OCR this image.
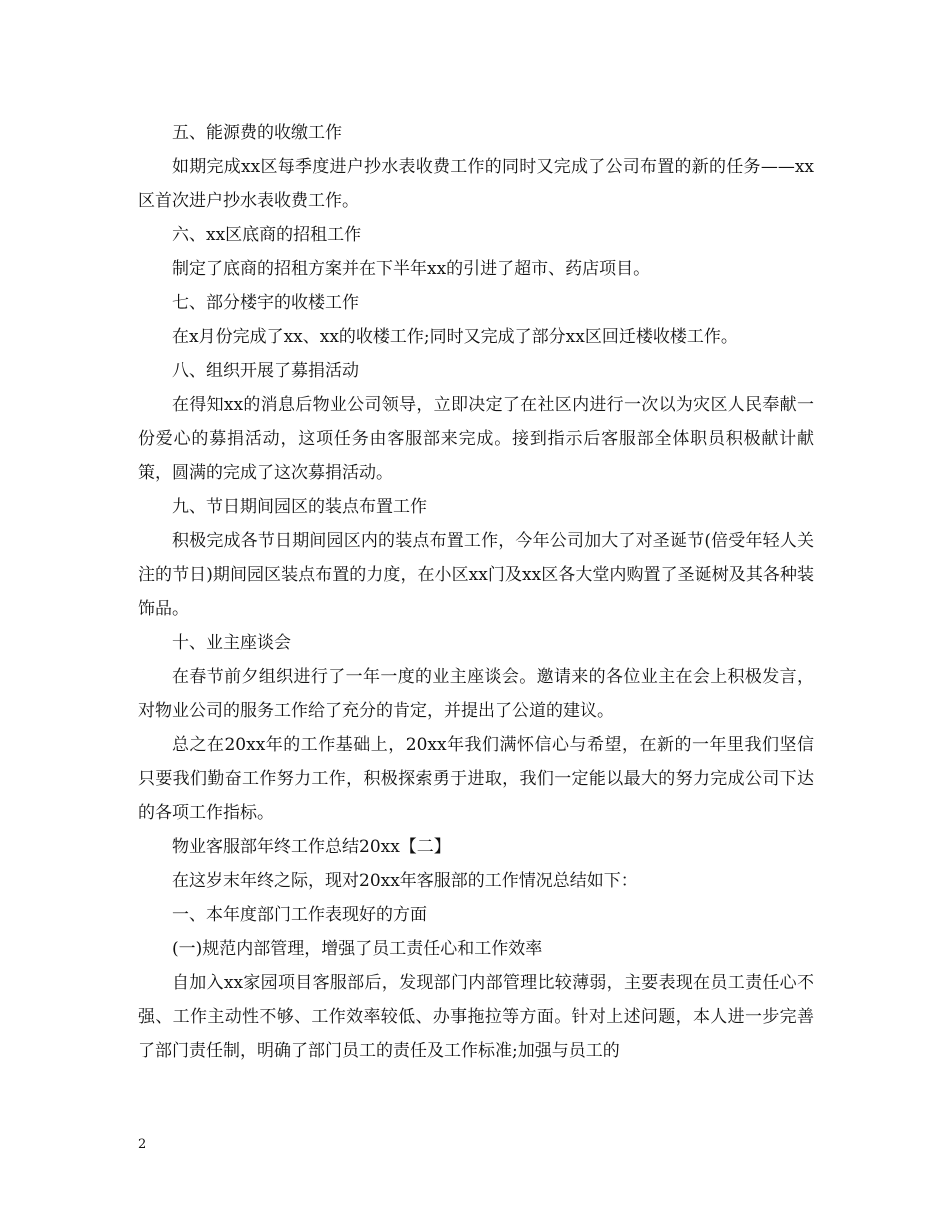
五、能源费的收缴工作

如期完成xx区每季度进户抄水表收费工作的同时又完成了公司布置的新的任务——xx区首次进户抄水表收费工作。

六、xx区底商的招租工作

制定了底商的招租方案并在下半年xx的引进了超市、药店项目。

七、部分楼宇的收楼工作

在x月份完成了xx、xx的收楼工作;同时又完成了部分xx区回迁楼收楼工作。

八、组织开展了募捐活动

在得知xx的消息后物业公司领导，立即决定了在社区内进行一次以为灾区人民奉献一份爱心的募捐活动，这项任务由客服部来完成。接到指示后客服部全体职员积极献计献策，圆满的完成了这次募捐活动。

九、节日期间园区的装点布置工作

积极完成各节日期间园区内的装点布置工作，今年公司加大了对圣诞节(倍受年轻人关注的节日)期间园区装点布置的力度，在小区xx门及xx区各大堂内购置了圣诞树及其各种装饰品。

十、业主座谈会

在春节前夕组织进行了一年一度的业主座谈会。邀请来的各位业主在会上积极发言，对物业公司的服务工作给了充分的肯定，并提出了公道的建议。

总之在20xx年的工作基础上，20xx年我们满怀信心与希望，在新的一年里我们坚信只要我们勤奋工作努力工作，积极探索勇于进取，我们一定能以最大的努力完成公司下达的各项工作指标。

物业客服部年终工作总结20xx【二】

在这岁末年终之际，现对20xx年客服部的工作情况总结如下：

一、本年度部门工作表现好的方面

(一)规范内部管理，增强了员工责任心和工作效率

自加入xx家园项目客服部后，发现部门内部管理比较薄弱，主要表现在员工责任心不强、工作主动性不够、工作效率较低、办事拖拉等方面。针对上述问题，本人进一步完善了部门责任制，明确了部门员工的责任及工作标准;加强与员工的

2
